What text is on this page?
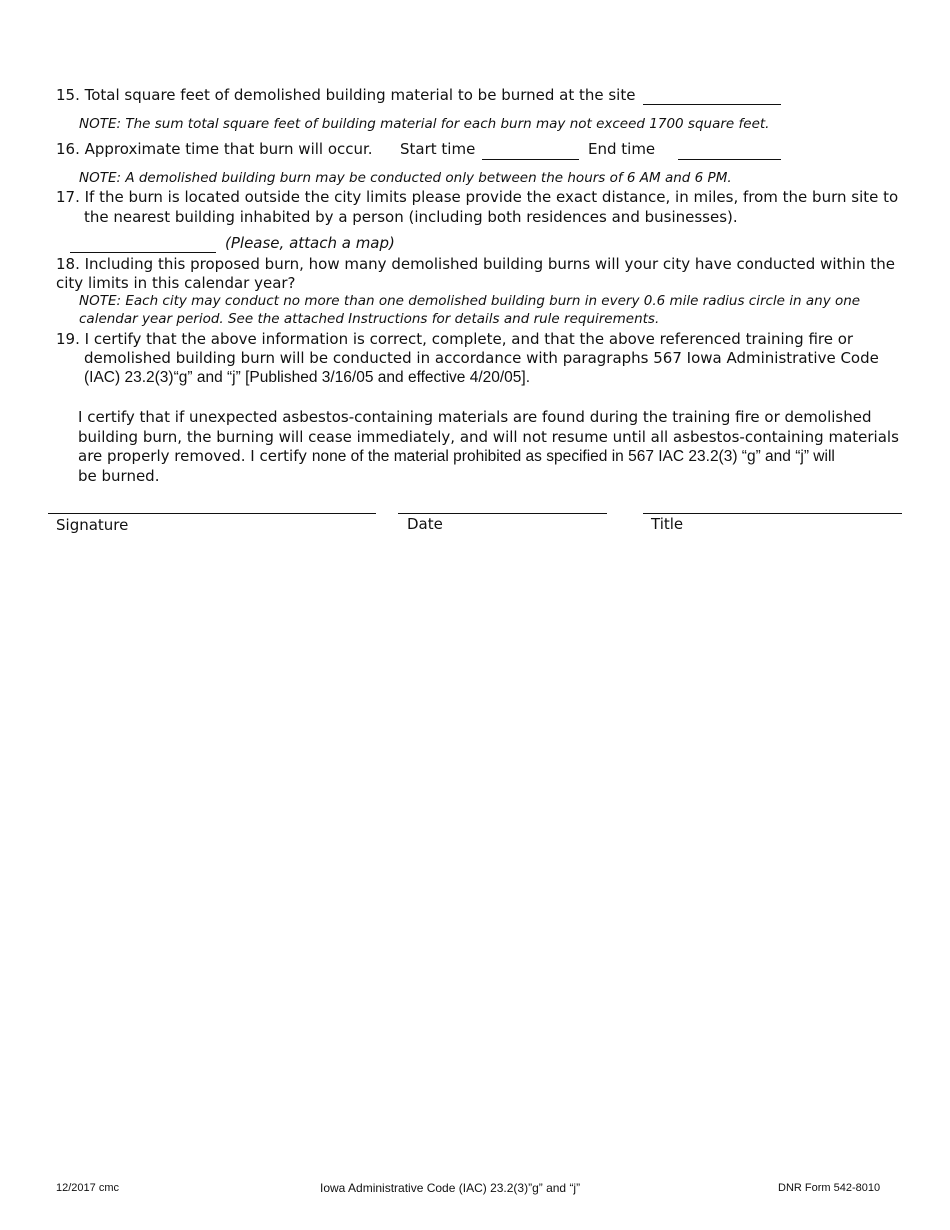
15. Total square feet of demolished building material to be burned at the site
NOTE: The sum total square feet of building material for each burn may not exceed 1700 square feet.
16. Approximate time that burn will occur. Start time	End time
NOTE: A demolished building burn may be conducted only between the hours of 6 AM and 6 PM.
17. If the burn is located outside the city limits please provide the exact distance, in miles, from the burn site to
the nearest building inhabited by a person (including both residences and businesses).
(Please, attach a map)
18. Including this proposed burn, how many demolished building burns will your city have conducted within the
city limits in this calendar year?
NOTE: Each city may conduct no more than one demolished building burn in every 0.6 mile radius circle in any one
calendar year period. See the attached Instructions for details and rule requirements.
19. I certify that the above information is correct, complete, and that the above referenced training fire or
demolished building burn will be conducted in accordance with paragraphs 567 Iowa Administrative Code
(IAC) 23.2(3)“g” and “j” [Published 3/16/05 and effective 4/20/05].
I certify that if unexpected asbestos-containing materials are found during the training fire or demolished
building burn, the burning will cease immediately, and will not resume until all asbestos-containing materials
are properly removed. I certify none of the material prohibited as specified in 567 IAC 23.2(3) “g” and “j” will
be burned.
Signature	Date	Title
12/2017 cmc	Iowa Administrative Code (IAC) 23.2(3)”g” and “j”	DNR Form 542-8010
